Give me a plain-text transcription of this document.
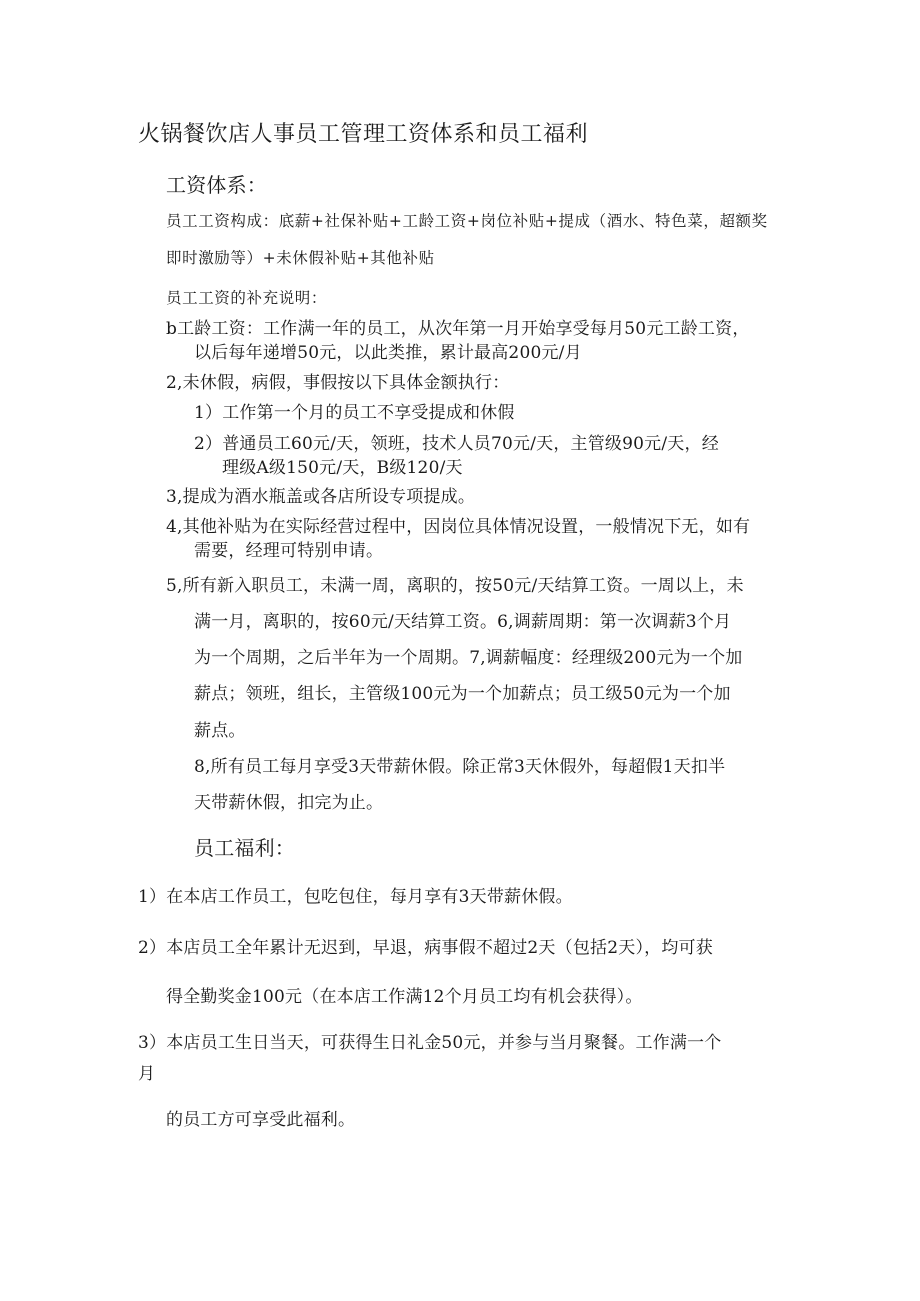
火锅餐饮店人事员工管理工资体系和员工福利
工资体系：
员工工资构成：底薪+社保补贴+工龄工资+岗位补贴+提成（酒水、特色菜，超额奖
即时激励等）+未休假补贴+其他补贴
员工工资的补充说明：
b工龄工资：工作满一年的员工，从次年第一月开始享受每月50元工龄工资，
以后每年递增50元，以此类推，累计最高200元/月
2,未休假，病假，事假按以下具体金额执行：
1）工作第一个月的员工不享受提成和休假
2）普通员工60元/天，领班，技术人员70元/天，主管级90元/天，经
理级A级150元/天，B级120/天
3,提成为酒水瓶盖或各店所设专项提成。
4,其他补贴为在实际经营过程中，因岗位具体情况设置，一般情况下无，如有
需要，经理可特别申请。
5,所有新入职员工，未满一周，离职的，按50元/天结算工资。一周以上，未
满一月，离职的，按60元/天结算工资。6,调薪周期：第一次调薪3个月
为一个周期，之后半年为一个周期。7,调薪幅度：经理级200元为一个加
薪点；领班，组长，主管级100元为一个加薪点；员工级50元为一个加
薪点。
8,所有员工每月享受3天带薪休假。除正常3天休假外，每超假1天扣半
天带薪休假，扣完为止。
员工福利：
1）在本店工作员工，包吃包住，每月享有3天带薪休假。
2）本店员工全年累计无迟到，早退，病事假不超过2天（包括2天），均可获
得全勤奖金100元（在本店工作满12个月员工均有机会获得）。
3）本店员工生日当天，可获得生日礼金50元，并参与当月聚餐。工作满一个
月
的员工方可享受此福利。
